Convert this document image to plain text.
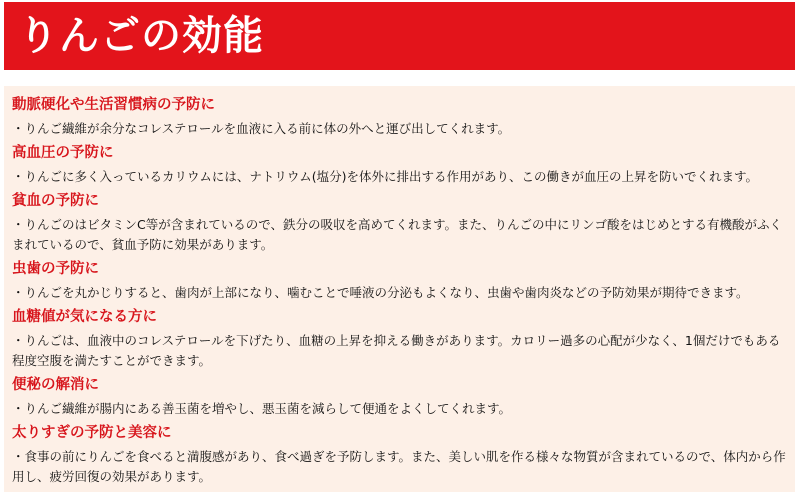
りんごの効能
動脈硬化や生活習慣病の予防に
・りんご繊維が余分なコレステロールを血液に入る前に体の外へと運び出してくれます。
高血圧の予防に
・りんごに多く入っているカリウムには、ナトリウム(塩分)を体外に排出する作用があり、この働きが血圧の上昇を防いでくれます。
貧血の予防に
・りんごのはビタミンC等が含まれているので、鉄分の吸収を高めてくれます。また、りんごの中にリンゴ酸をはじめとする有機酸がふくまれているので、貧血予防に効果があります。
虫歯の予防に
・りんごを丸かじりすると、歯肉が上部になり、噛むことで唾液の分泌もよくなり、虫歯や歯肉炎などの予防効果が期待できます。
血糖値が気になる方に
・りんごは、血液中のコレステロールを下げたり、血糖の上昇を抑える働きがあります。カロリー過多の心配が少なく、1個だけでもある程度空腹を満たすことができます。
便秘の解消に
・りんご繊維が腸内にある善玉菌を増やし、悪玉菌を減らして便通をよくしてくれます。
太りすぎの予防と美容に
・食事の前にりんごを食べると満腹感があり、食べ過ぎを予防します。また、美しい肌を作る様々な物質が含まれているので、体内から作用し、疲労回復の効果があります。
